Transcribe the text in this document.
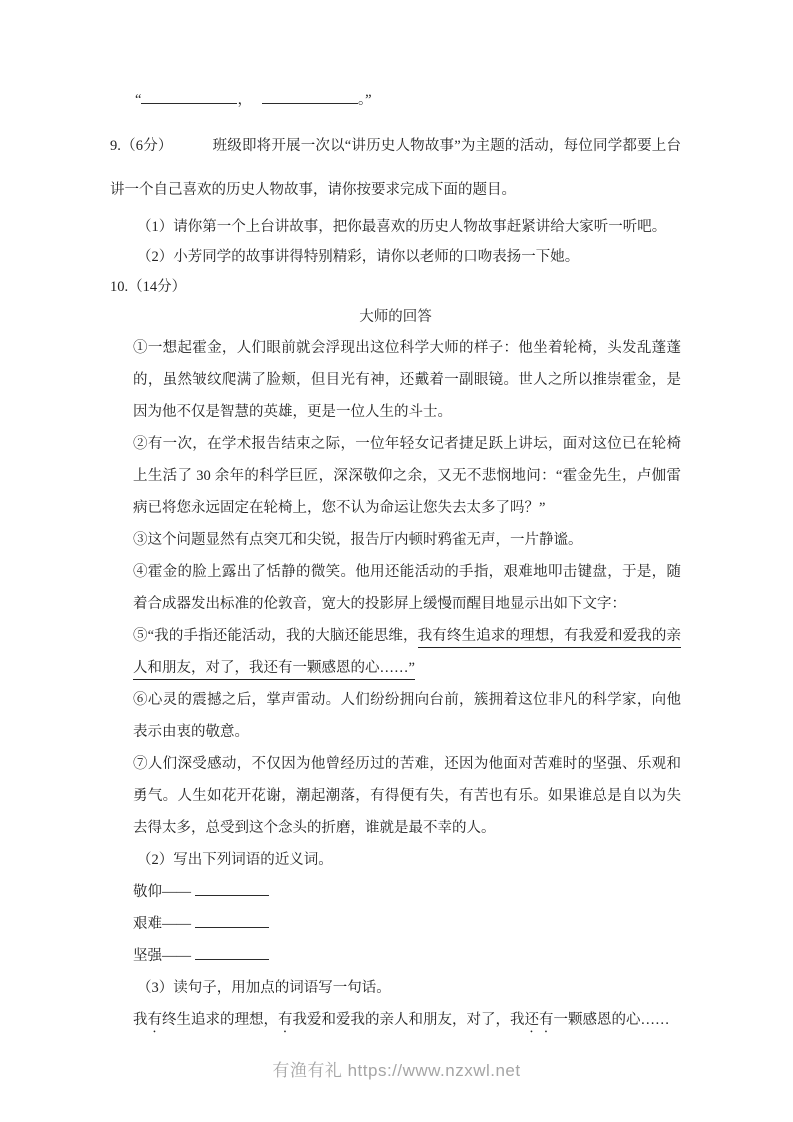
“	，	。”

9.（6分）	班级即将开展一次以“讲历史人物故事”为主题的活动，每位同学都要上台讲一个自己喜欢的历史人物故事，请你按要求完成下面的题目。

（1）请你第一个上台讲故事，把你最喜欢的历史人物故事赶紧讲给大家听一听吧。

（2）小芳同学的故事讲得特别精彩，请你以老师的口吻表扬一下她。

10.（14分）

大师的回答

①一想起霍金，人们眼前就会浮现出这位科学大师的样子：他坐着轮椅，头发乱蓬蓬的，虽然皱纹爬满了脸颊，但目光有神，还戴着一副眼镜。世人之所以推崇霍金，是因为他不仅是智慧的英雄，更是一位人生的斗士。

②有一次，在学术报告结束之际，一位年轻女记者捷足跃上讲坛，面对这位已在轮椅上生活了 30 余年的科学巨匠，深深敬仰之余，又无不悲悯地问：“霍金先生，卢伽雷病已将您永远固定在轮椅上，您不认为命运让您失去太多了吗？”

③这个问题显然有点突兀和尖锐，报告厅内顿时鸦雀无声，一片静谧。

④霍金的脸上露出了恬静的微笑。他用还能活动的手指，艰难地叩击键盘，于是，随着合成器发出标准的伦敦音，宽大的投影屏上缓慢而醒目地显示出如下文字：

⑤“我的手指还能活动，我的大脑还能思维，我有终生追求的理想，有我爱和爱我的亲人和朋友，对了，我还有一颗感恩的心……”

⑥心灵的震撼之后，掌声雷动。人们纷纷拥向台前，簇拥着这位非凡的科学家，向他表示由衷的敬意。

⑦人们深受感动，不仅因为他曾经历过的苦难，还因为他面对苦难时的坚强、乐观和勇气。人生如花开花谢，潮起潮落，有得便有失，有苦也有乐。如果谁总是自以为失去得太多，总受到这个念头的折磨，谁就是最不幸的人。

（2）写出下列词语的近义词。

敬仰——

艰难——

坚强——

（3）读句子，用加点的词语写一句话。

我有终生追求的理想，有我爱和爱我的亲人和朋友，对了，我还有一颗感恩的心……

有渔有礼 https://www.nzxwl.net
